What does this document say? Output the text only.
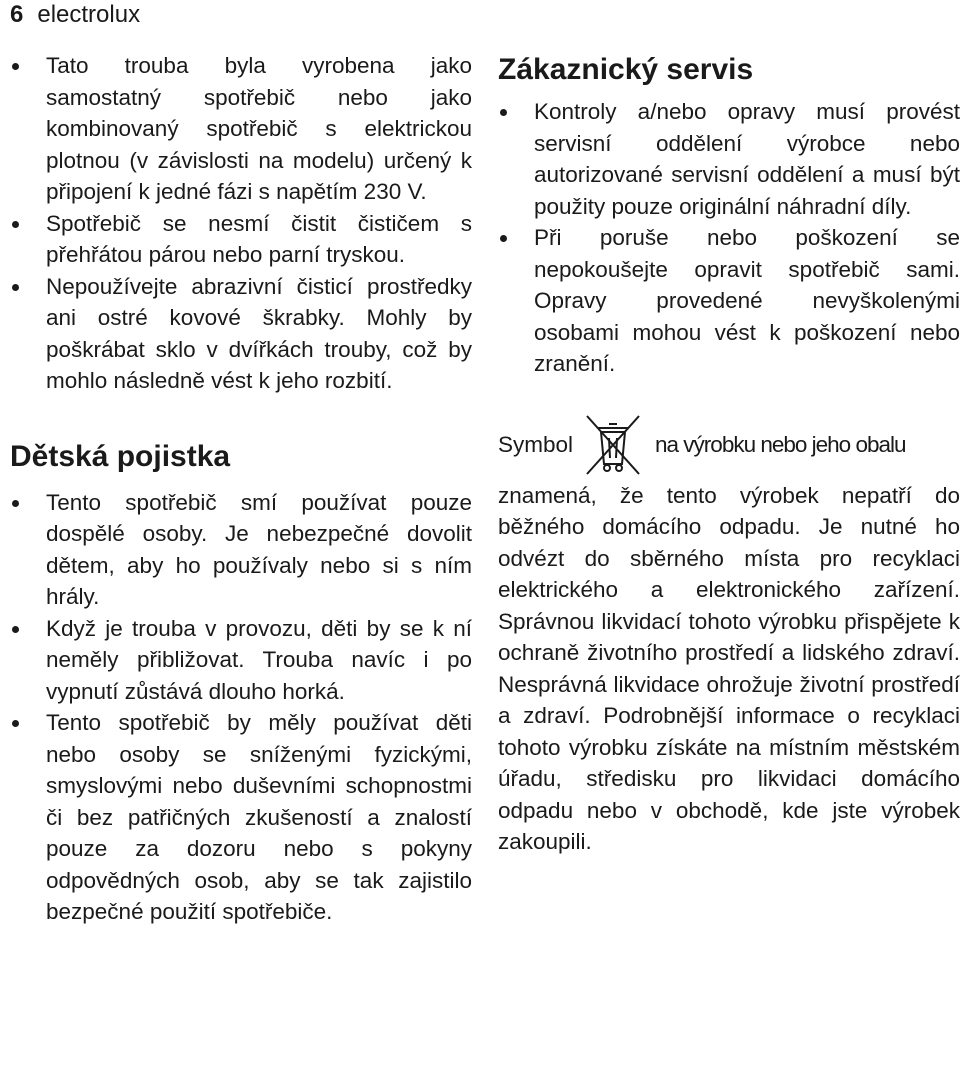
6 electrolux
Tato trouba byla vyrobena jako samostatný spotřebič nebo jako kombinovaný spotřebič s elektrickou plotnou (v závislosti na modelu) určený k připojení k jedné fázi s napětím 230 V.
Spotřebič se nesmí čistit čističem s přehřátou párou nebo parní tryskou.
Nepoužívejte abrazivní čisticí prostředky ani ostré kovové škrabky. Mohly by poškrábat sklo v dvířkách trouby, což by mohlo následně vést k jeho rozbití.
Dětská pojistka
Tento spotřebič smí používat pouze dospělé osoby. Je nebezpečné dovolit dětem, aby ho používaly nebo si s ním hrály.
Když je trouba v provozu, děti by se k ní neměly přibližovat. Trouba navíc i po vypnutí zůstává dlouho horká.
Tento spotřebič by měly používat děti nebo osoby se sníženými fyzickými, smyslovými nebo duševními schopnostmi či bez patřičných zkušeností a znalostí pouze za dozoru nebo s pokyny odpovědných osob, aby se tak zajistilo bezpečné použití spotřebiče.
Zákaznický servis
Kontroly a/nebo opravy musí provést servisní oddělení výrobce nebo autorizované servisní oddělení a musí být použity pouze originální náhradní díly.
Při poruše nebo poškození se nepokoušejte opravit spotřebič sami. Opravy provedené nevyškolenými osobami mohou vést k poškození nebo zranění.
Symbol	na výrobku nebo jeho obalu
znamená, že tento výrobek nepatří do běžného domácího odpadu. Je nutné ho odvézt do sběrného místa pro recyklaci elektrického a elektronického zařízení. Správnou likvidací tohoto výrobku přispějete k ochraně životního prostředí a lidského zdraví. Nesprávná likvidace ohrožuje životní prostředí a zdraví. Podrobnější informace o recyklaci tohoto výrobku získáte na místním městském úřadu, středisku pro likvidaci domácího odpadu nebo v obchodě, kde jste výrobek zakoupili.
